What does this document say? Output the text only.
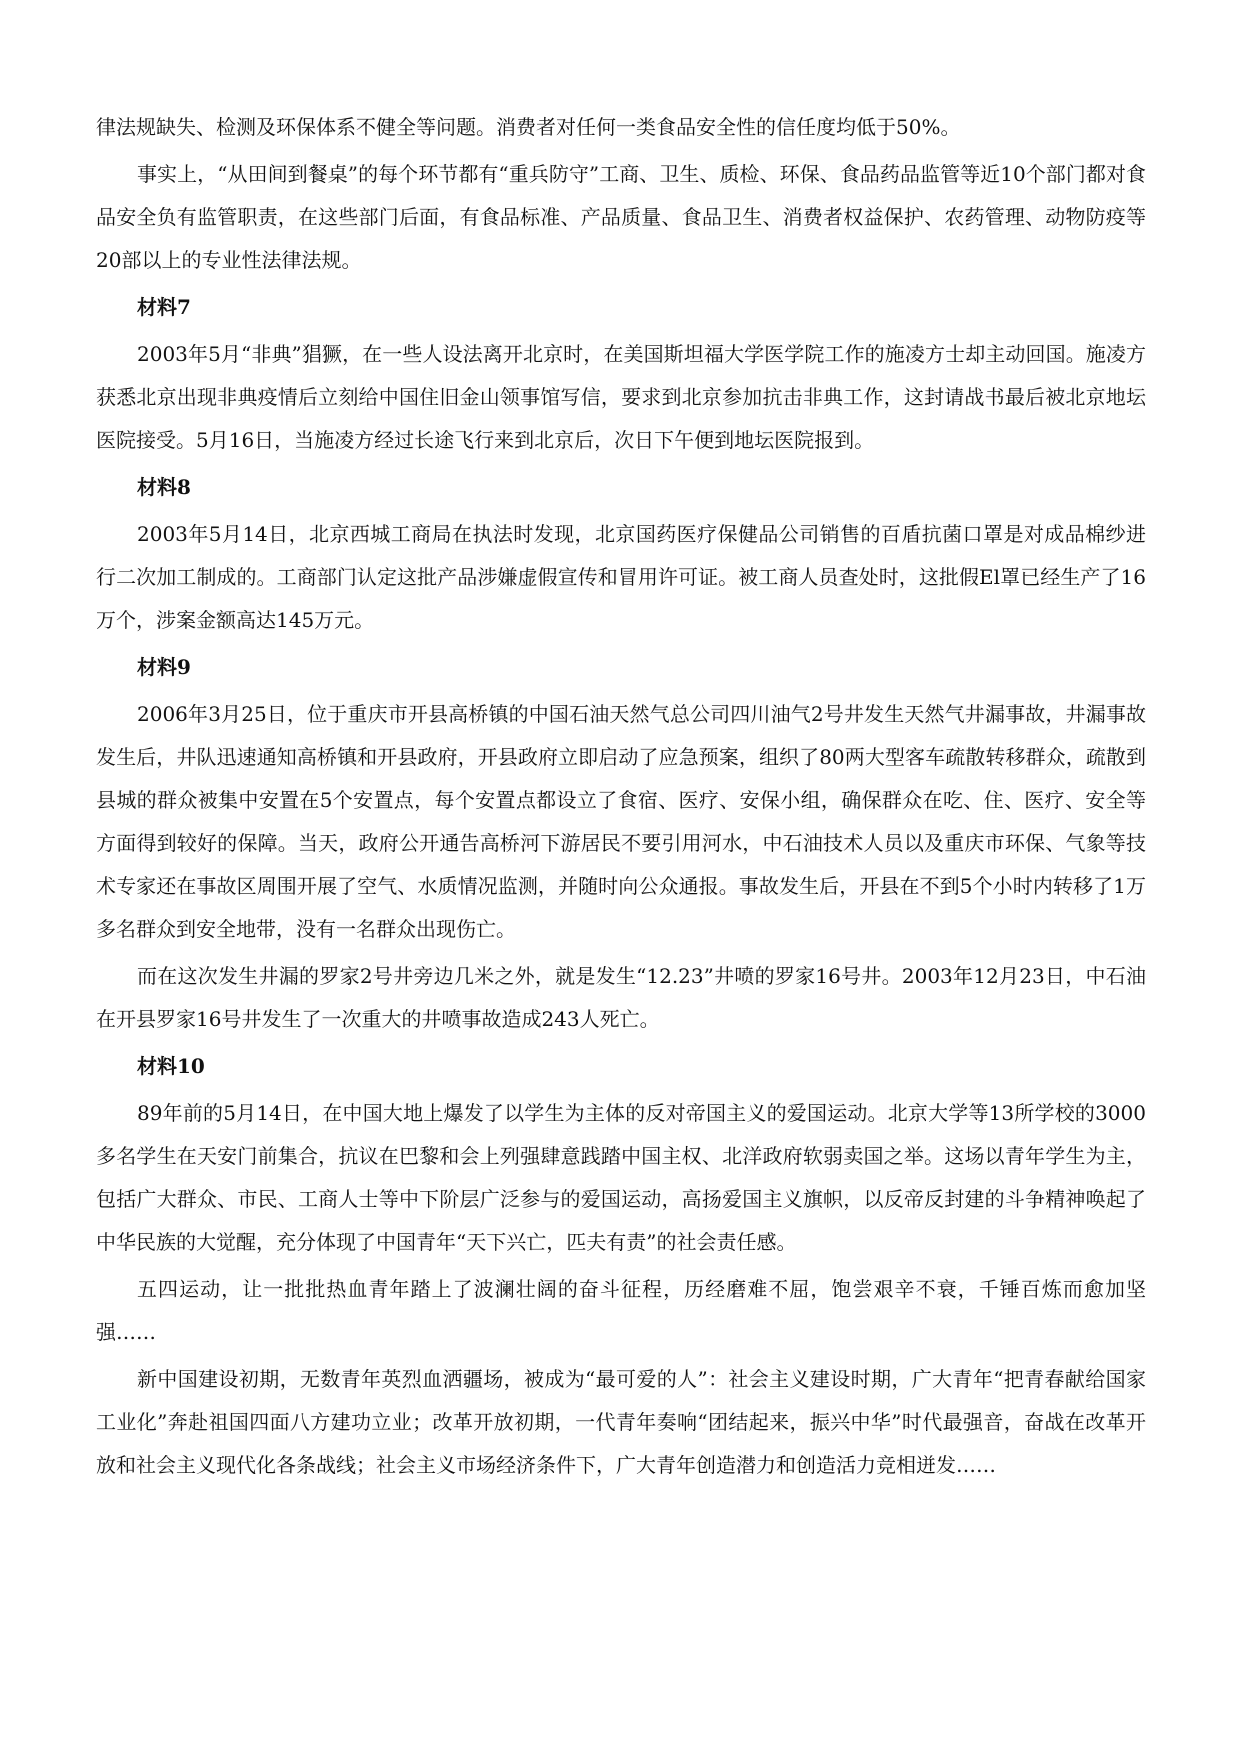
律法规缺失、检测及环保体系不健全等问题。消费者对任何一类食品安全性的信任度均低于50%。

事实上，“从田间到餐桌”的每个环节都有“重兵防守”工商、卫生、质检、环保、食品药品监管等近10个部门都对食品安全负有监管职责，在这些部门后面，有食品标准、产品质量、食品卫生、消费者权益保护、农药管理、动物防疫等20部以上的专业性法律法规。

材料7

2003年5月“非典”猖獗，在一些人设法离开北京时，在美国斯坦福大学医学院工作的施凌方士却主动回国。施凌方获悉北京出现非典疫情后立刻给中国住旧金山领事馆写信，要求到北京参加抗击非典工作，这封请战书最后被北京地坛医院接受。5月16日，当施凌方经过长途飞行来到北京后，次日下午便到地坛医院报到。

材料8

2003年5月14日，北京西城工商局在执法时发现，北京国药医疗保健品公司销售的百盾抗菌口罩是对成品棉纱进行二次加工制成的。工商部门认定这批产品涉嫌虚假宣传和冒用许可证。被工商人员查处时，这批假El罩已经生产了16万个，涉案金额高达145万元。

材料9

2006年3月25日，位于重庆市开县高桥镇的中国石油天然气总公司四川油气2号井发生天然气井漏事故，井漏事故发生后，井队迅速通知高桥镇和开县政府，开县政府立即启动了应急预案，组织了80两大型客车疏散转移群众，疏散到县城的群众被集中安置在5个安置点，每个安置点都设立了食宿、医疗、安保小组，确保群众在吃、住、医疗、安全等方面得到较好的保障。当天，政府公开通告高桥河下游居民不要引用河水，中石油技术人员以及重庆市环保、气象等技术专家还在事故区周围开展了空气、水质情况监测，并随时向公众通报。事故发生后，开县在不到5个小时内转移了1万多名群众到安全地带，没有一名群众出现伤亡。

而在这次发生井漏的罗家2号井旁边几米之外，就是发生“12.23”井喷的罗家16号井。2003年12月23日，中石油在开县罗家16号井发生了一次重大的井喷事故造成243人死亡。

材料10

89年前的5月14日，在中国大地上爆发了以学生为主体的反对帝国主义的爱国运动。北京大学等13所学校的3000多名学生在天安门前集合，抗议在巴黎和会上列强肆意践踏中国主权、北洋政府软弱卖国之举。这场以青年学生为主，包括广大群众、市民、工商人士等中下阶层广泛参与的爱国运动，高扬爱国主义旗帜，以反帝反封建的斗争精神唤起了中华民族的大觉醒，充分体现了中国青年“天下兴亡，匹夫有责”的社会责任感。

五四运动，让一批批热血青年踏上了波澜壮阔的奋斗征程，历经磨难不屈，饱尝艰辛不衰，千锤百炼而愈加坚强……

新中国建设初期，无数青年英烈血洒疆场，被成为“最可爱的人”：社会主义建设时期，广大青年“把青春献给国家工业化”奔赴祖国四面八方建功立业；改革开放初期，一代青年奏响“团结起来，振兴中华”时代最强音，奋战在改革开放和社会主义现代化各条战线；社会主义市场经济条件下，广大青年创造潜力和创造活力竞相迸发……
